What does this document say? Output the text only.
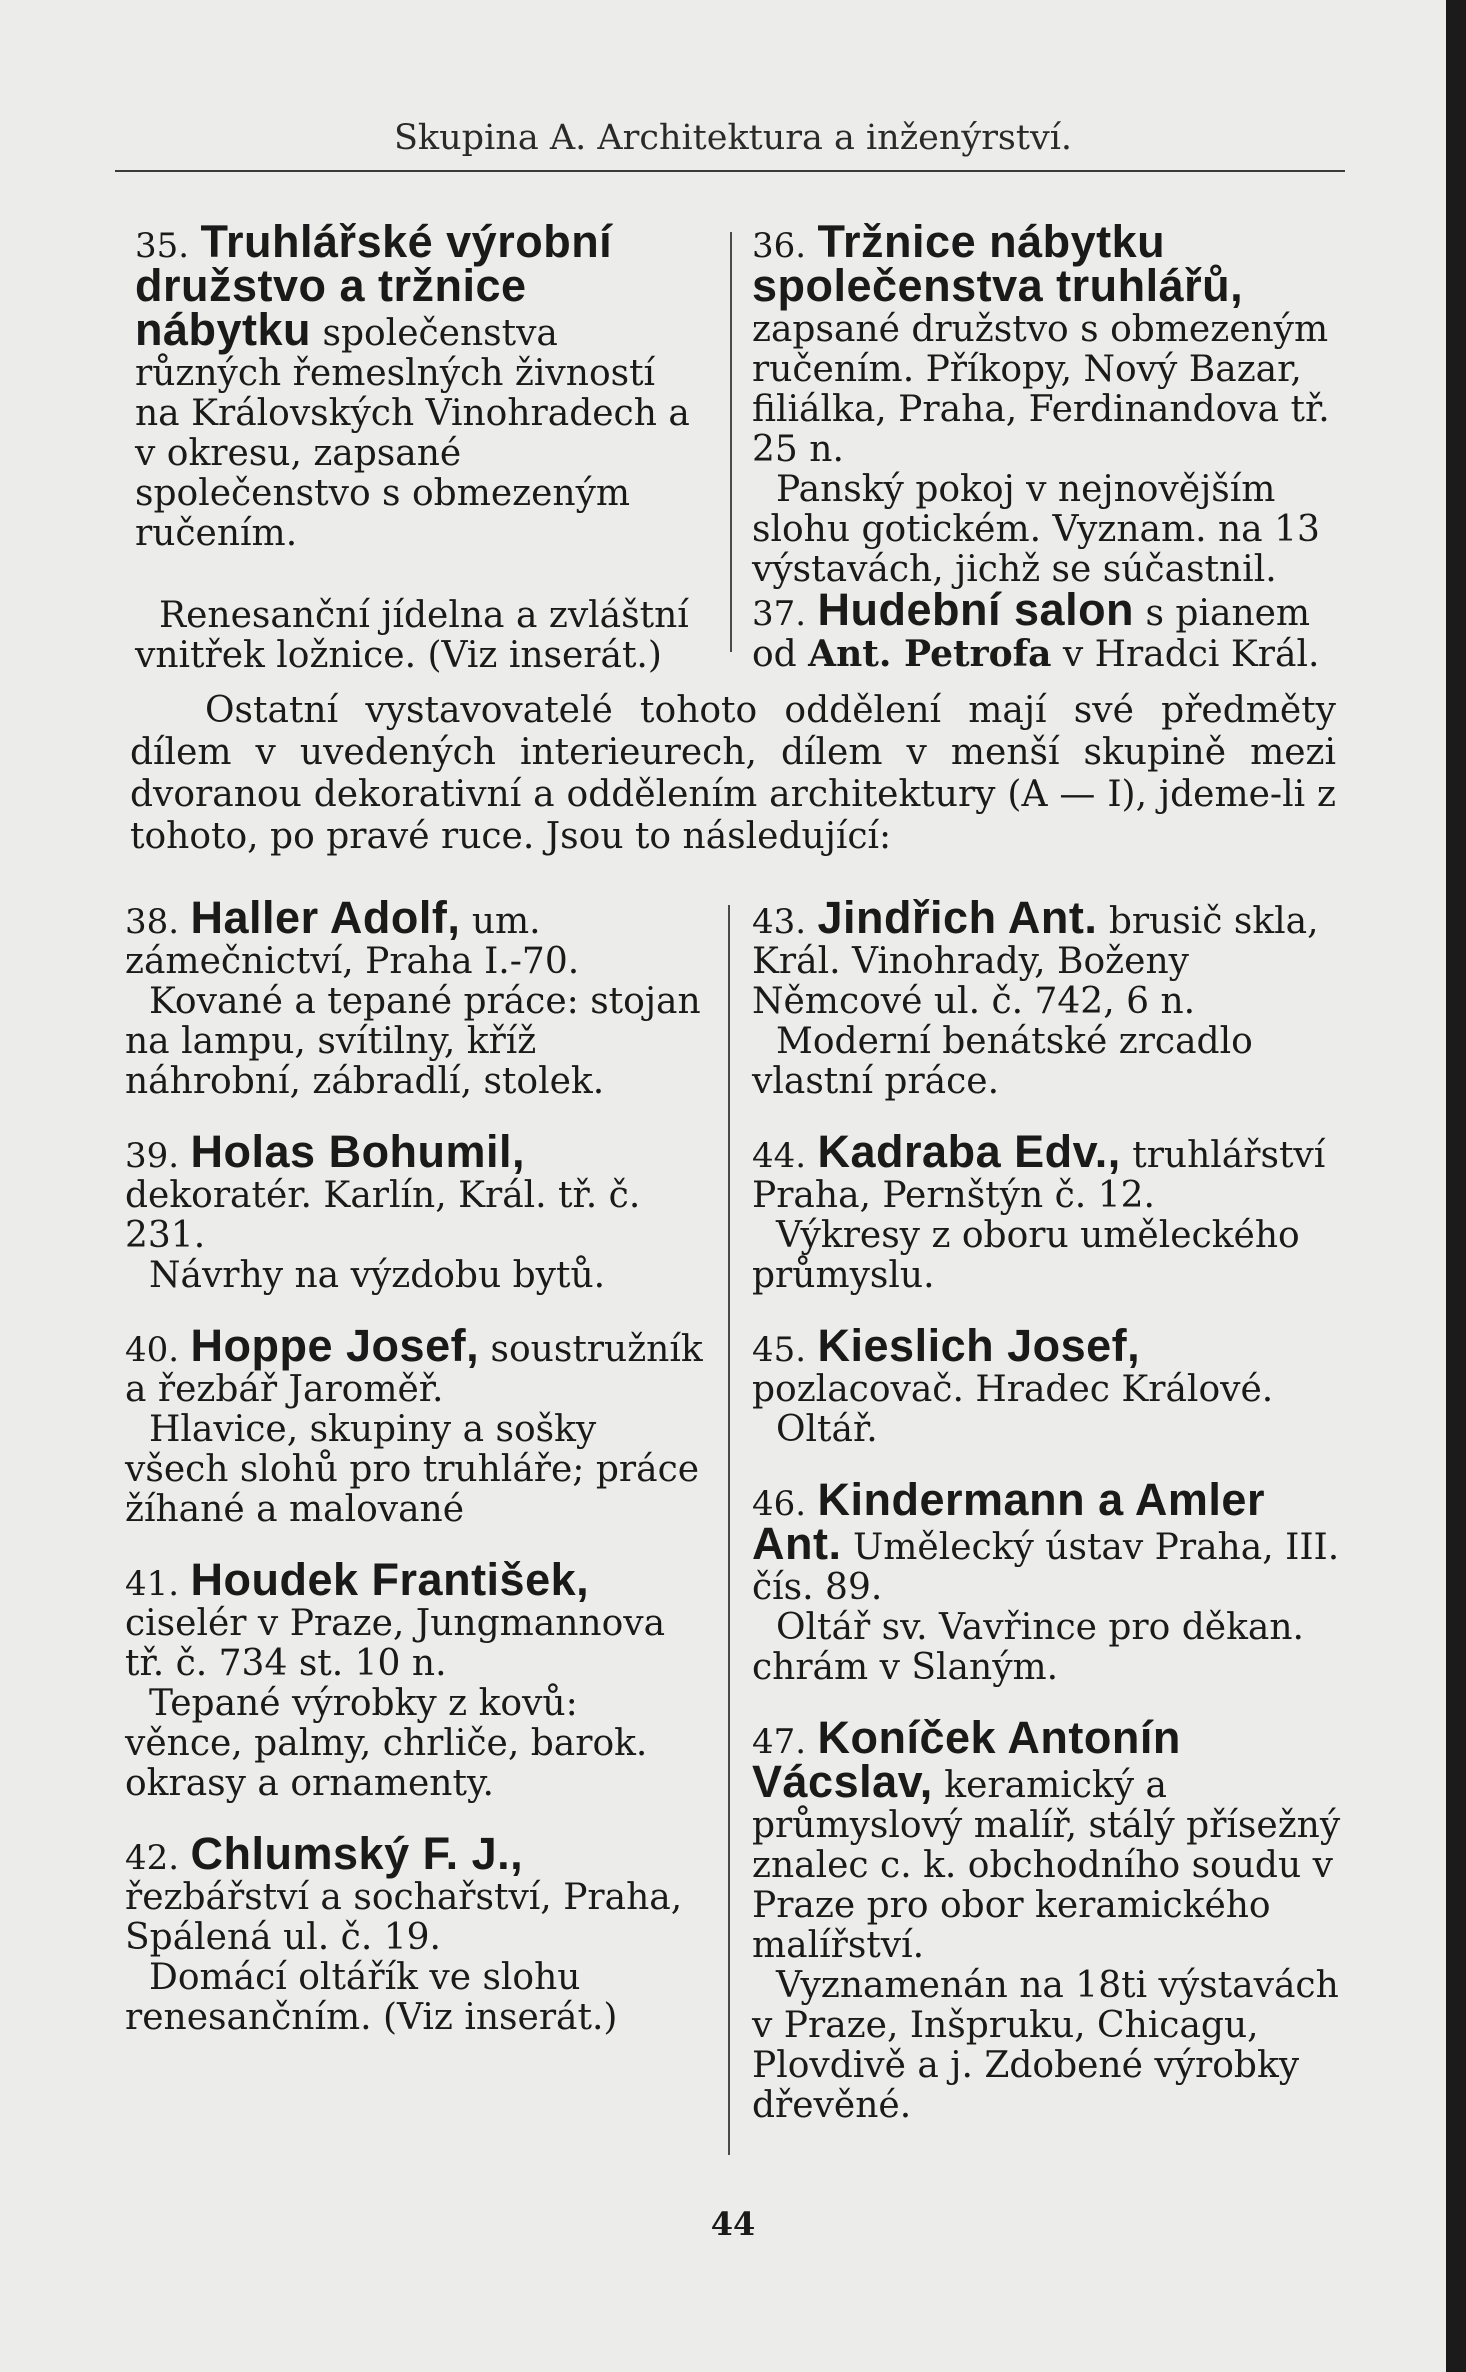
Skupina A. Architektura a inženýrství.

35. Truhlářské výrobní družstvo a tržnice nábytku společenstva různých řemeslných živností na Královských Vinohradech a v okresu, zapsané společenstvo s obmezeným ručením.

Renesanční jídelna a zvláštní vnitřek ložnice. (Viz inserát.)

36. Tržnice nábytku společenstva truhlářů, zapsané družstvo s obmezeným ručením. Příkopy, Nový Bazar, filiálka, Praha, Ferdinandova tř. 25 n.

Panský pokoj v nejnovějším slohu gotickém. Vyznam. na 13 výstavách, jichž se súčastnil.

37. Hudební salon s pianem od Ant. Petrofa v Hradci Král.

Ostatní vystavovatelé tohoto oddělení mají své předměty dílem v uvedených interieurech, dílem v menší skupině mezi dvoranou dekorativní a oddělením architektury (A — I), jdeme-li z tohoto, po pravé ruce. Jsou to následující:

38. Haller Adolf, um. zámečnictví, Praha I.-70.

Kované a tepané práce: stojan na lampu, svítilny, kříž náhrobní, zábradlí, stolek.

39. Holas Bohumil, dekoratér. Karlín, Král. tř. č. 231.

Návrhy na výzdobu bytů.

40. Hoppe Josef, soustružník a řezbář Jaroměř.

Hlavice, skupiny a sošky všech slohů pro truhláře; práce žíhané a malované

41. Houdek František, ciselér v Praze, Jungmannova tř. č. 734 st. 10 n.

Tepané výrobky z kovů: věnce, palmy, chrliče, barok. okrasy a ornamenty.

42. Chlumský F. J., řezbářství a sochařství, Praha, Spálená ul. č. 19.

Domácí oltářík ve slohu renesančním. (Viz inserát.)

43. Jindřich Ant. brusič skla, Král. Vinohrady, Boženy Němcové ul. č. 742, 6 n.

Moderní benátské zrcadlo vlastní práce.

44. Kadraba Edv., truhlářství Praha, Pernštýn č. 12.

Výkresy z oboru uměleckého průmyslu.

45. Kieslich Josef, pozlacovač. Hradec Králové.

Oltář.

46. Kindermann a Amler Ant. Umělecký ústav Praha, III. čís. 89.

Oltář sv. Vavřince pro děkan. chrám v Slaným.

47. Koníček Antonín Vácslav, keramický a průmyslový malíř, stálý přísežný znalec c. k. obchodního soudu v Praze pro obor keramického malířství.

Vyznamenán na 18ti výstavách v Praze, Inšpruku, Chicagu, Plovdivě a j. Zdobené výrobky dřevěné.

44
